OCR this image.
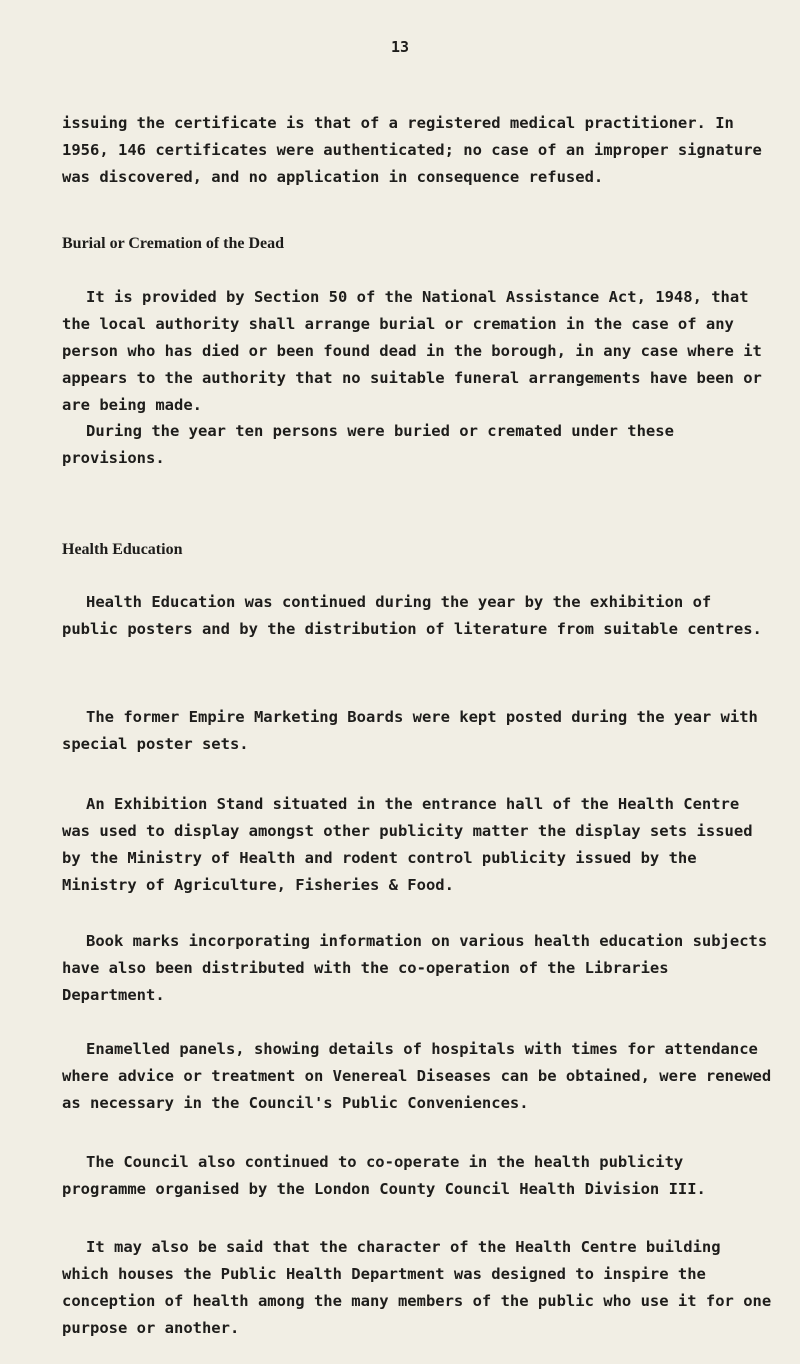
13

issuing the certificate is that of a registered medical practitioner. In 1956, 146 certificates were authenticated; no case of an improper signature was discovered, and no application in consequence refused.

Burial or Cremation of the Dead

It is provided by Section 50 of the National Assistance Act, 1948, that the local authority shall arrange burial or cremation in the case of any person who has died or been found dead in the borough, in any case where it appears to the authority that no suitable funeral arrangements have been or are being made.

During the year ten persons were buried or cremated under these provisions.

Health Education

Health Education was continued during the year by the exhibition of public posters and by the distribution of literature from suitable centres.

The former Empire Marketing Boards were kept posted during the year with special poster sets.

An Exhibition Stand situated in the entrance hall of the Health Centre was used to display amongst other publicity matter the display sets issued by the Ministry of Health and rodent control publicity issued by the Ministry of Agriculture, Fisheries & Food.

Book marks incorporating information on various health education subjects have also been distributed with the co-operation of the Libraries Department.

Enamelled panels, showing details of hospitals with times for attendance where advice or treatment on Venereal Diseases can be obtained, were renewed as necessary in the Council's Public Conveniences.

The Council also continued to co-operate in the health publicity programme organised by the London County Council Health Division III.

It may also be said that the character of the Health Centre building which houses the Public Health Department was designed to inspire the conception of health among the many members of the public who use it for one purpose or another.
